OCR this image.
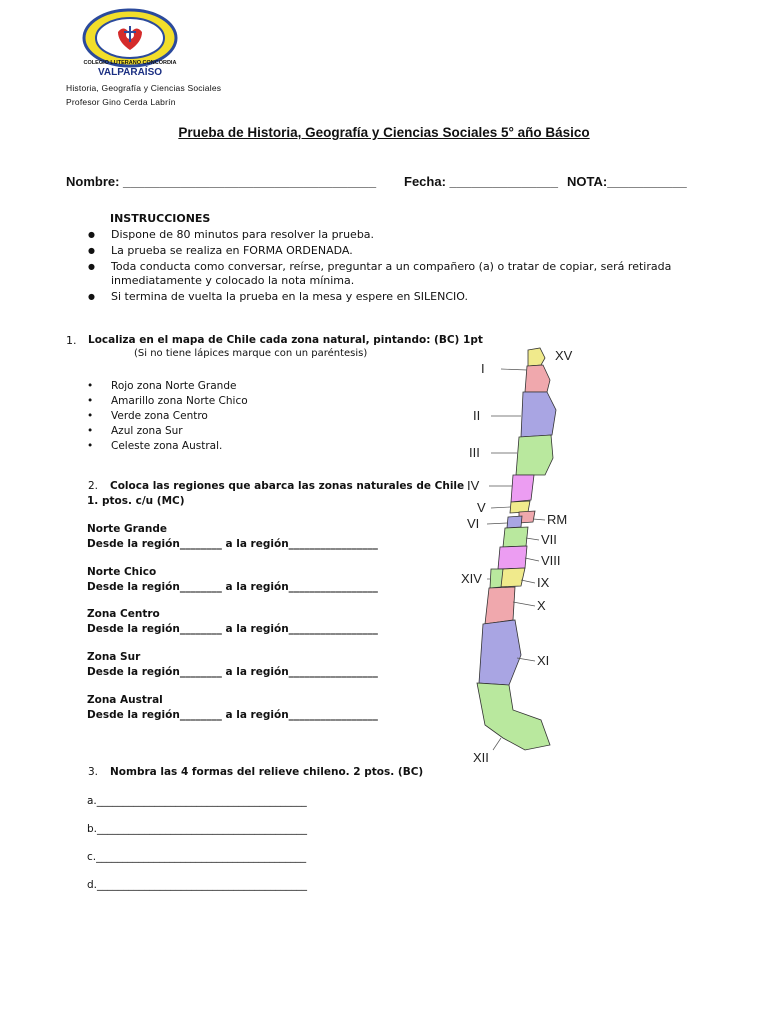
COLEGIO LUTERANO CONCORDIA
VALPARAÍSO
Historia, Geografía y Ciencias Sociales
Profesor Gino Cerda Labrín
Prueba de Historia, Geografía y Ciencias Sociales 5° año Básico
Nombre: ___________________________________ Fecha: _______________ NOTA:___________
INSTRUCCIONES
● Dispone de 80 minutos para resolver la prueba.
● La prueba se realiza en FORMA ORDENADA.
● Toda conducta como conversar, reírse, preguntar a un compañero (a) o tratar de copiar, será retirada inmediatamente y colocado la nota mínima.
● Si termina de vuelta la prueba en la mesa y espere en SILENCIO.
1. Localiza en el mapa de Chile cada zona natural, pintando: (BC) 1pt
(Si no tiene lápices marque con un paréntesis)
• Rojo zona Norte Grande
• Amarillo zona Norte Chico
• Verde zona Centro
• Azul zona Sur
• Celeste zona Austral.
2. Coloca las regiones que abarca las zonas naturales de Chile
1. ptos. c/u (MC)
Norte Grande
Desde la región________ a la región_________________
Norte Chico
Desde la región________ a la región_________________
Zona Centro
Desde la región________ a la región_________________
Zona Sur
Desde la región________ a la región_________________
Zona Austral
Desde la región________ a la región_________________
3. Nombra las 4 formas del relieve chileno. 2 ptos. (BC)
a.________________________________________
b.________________________________________
c.________________________________________
d.________________________________________
XV
I
II
III
IV
V
VI	RM
VII
VIII
XIV	IX
X
XI
XII
